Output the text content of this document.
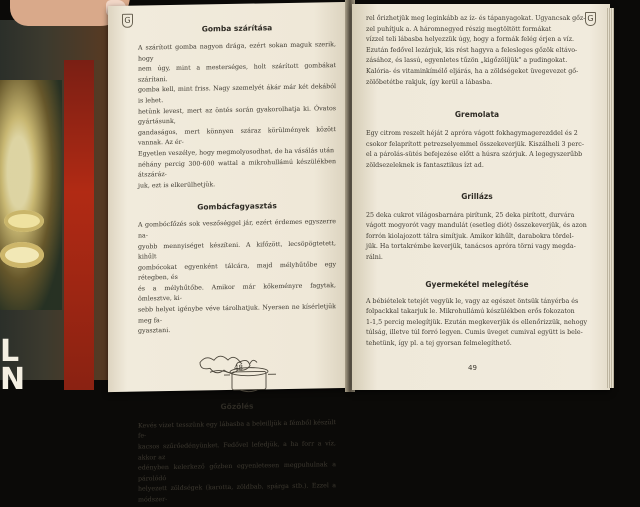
L
N
G
Gomba szárítása

A szárított gomba nagyon drága, ezért sokan maguk szerik, hogy

nem úgy, mint a mesterséges, holt szárított gombákat szárítani.

gomba kell, mint friss. Nagy szemelyét ákár már két dekából is lehet.

hetünk levest, mert az öntés során gyakorolhatja ki. Óvatos gyártásunk,

gandaságos, mert könnyen száraz körülmények között vannak. Az ér-

Egyetlen veszélye, hogy megmolyosodhat, de ha vásálás után

néhány percig 300-600 wattal a mikrohullámú készülékben átszáráz-

juk, ezt is elkerülhetjük.

Gombácfagyasztás

A gombócfőzés sok veszőséggel jár, ezért érdemes egyszerre na-

gyobb mennyiséget készíteni. A kifőzött, lecsöpögtetett, kihűlt

gombócokat egyenként tálcára, majd mélyhűtőbe egy rétegben, és

és a mélyhűtőbe. Amikor már kőkeményre fagytak, ömlesztve, ki-

sebb helyet igénybe véve tárolhatjuk. Nyersen ne kísérletjük meg fa-

gyasztani.

Gőzölés

Kevés vizet tesszünk egy lábasba a beleilljük a fémből készült fe-

kacsos szűrőedényünket. Fedővel lefedjük, a ha forr a víz, akkor az

edényben kelerkező gőzben egyenletesen megpuhulnak a párolódó

helyezett zöldségek (karotta, zöldbab, spárga stb.). Ezzel a módszer-

48
G

rel őrizhetjük meg leginkább az íz- és tápanyagokat. Ugyancsak gőz-

zel puhítjuk a. A háromnegyed részig megtöltött formákat

vízzel teli lábasba helyezzük úgy, hogy a formák felég érjen a víz.

Ezután fedővel lezárjuk, kis rést hagyva a felesleges gőzök eltávo-

zásához, és lassú, egyenletes tűzön „kigőzölíjük" a pudingokat.

Kalória- és vitaminkímélő eljárás, ha a zöldségeket üvegevezet gő-

zölőbetétbe rakjuk, így kerül a lábasba.

Gremolata

Egy citrom reszelt héját 2 apróra vágott fokhagymagerezddel és 2

csokor felaprított petrezselyemmel összekeverjük. Kiszálheli 3 perc-

el a párolás-sütés befejezése előtt a húsra szórjuk. A legegyszerűbb

zöldsezeleknek is fantasztikus ízt ad.

Grillázs

25 deka cukrot világosbarnára pirítunk, 25 deka pirított, durvára

vágott mogyorót vagy mandulát (esetleg diót) összekeverjük, és azon

forrón kiolajozott tálra simítjuk. Amikor kihűlt, darabokra tördel-

jük. Ha tortakrémbe keverjük, tanácsos apróra törni vagy megda-

rálni.

Gyermekétel melegítése

A bébiételek tetejét vegyük le, vagy az egészet öntsük tányérba és

folpackkal takarjuk le. Mikrohullámú készülékben erős fokozaton

1-1,5 percig melegítjük. Ezután megkeverjük és ellenőrizzük, nehogy

túlság, illetve túl forró legyen. Cumis üveget cumival együtt is bele-

tehetünk, így pl. a tej gyorsan felmelegíthető.

49
